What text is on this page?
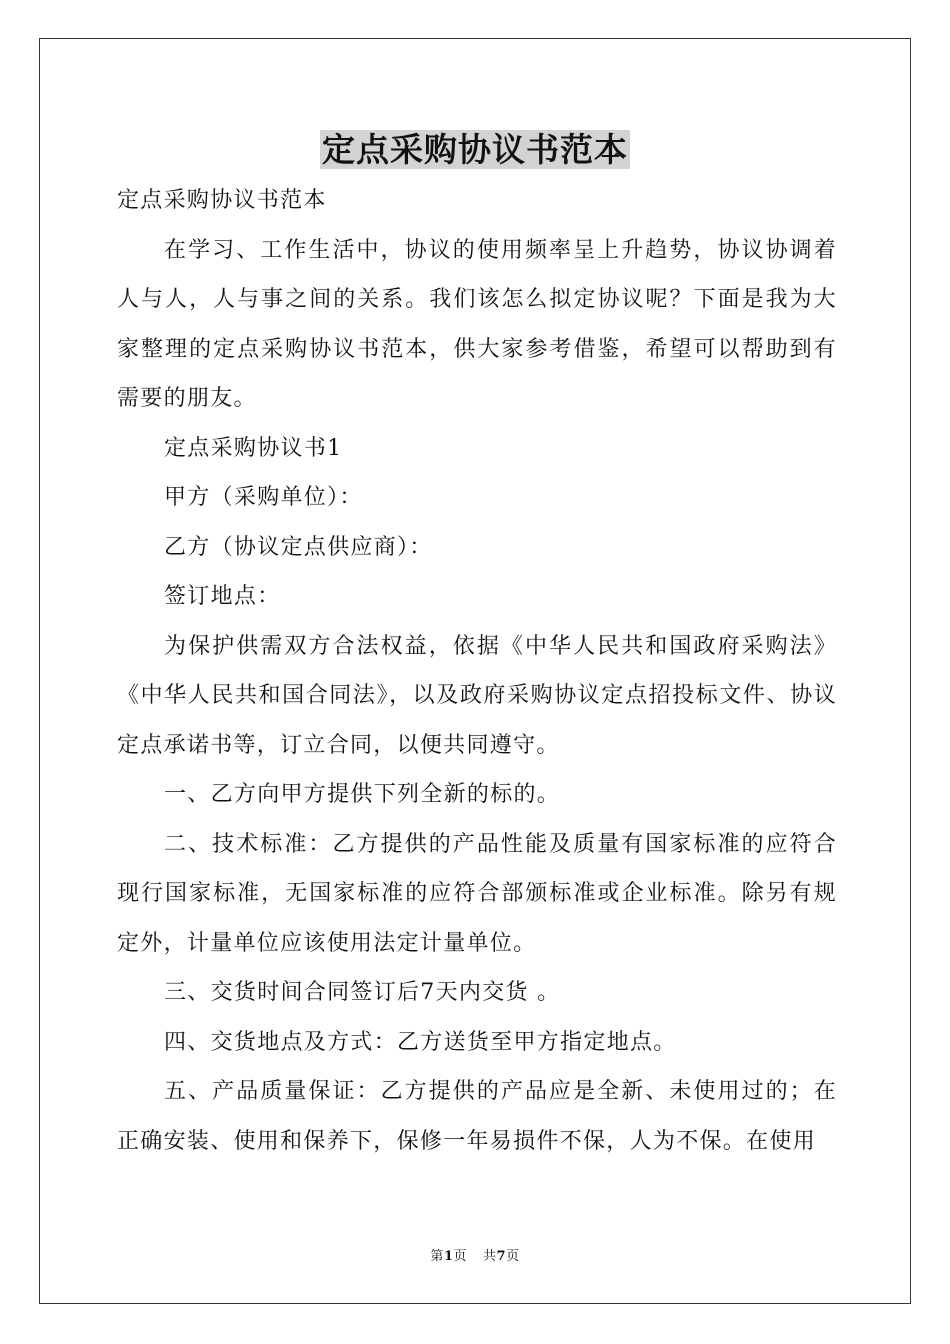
定点采购协议书范本

定点采购协议书范本

在学习、工作生活中，协议的使用频率呈上升趋势，协议协调着人与人，人与事之间的关系。我们该怎么拟定协议呢？下面是我为大家整理的定点采购协议书范本，供大家参考借鉴，希望可以帮助到有需要的朋友。

定点采购协议书1

甲方（采购单位）：

乙方（协议定点供应商）：

签订地点：

为保护供需双方合法权益，依据《中华人民共和国政府采购法》《中华人民共和国合同法》，以及政府采购协议定点招投标文件、协议定点承诺书等，订立合同，以便共同遵守。

一、乙方向甲方提供下列全新的标的。

二、技术标准：乙方提供的产品性能及质量有国家标准的应符合现行国家标准，无国家标准的应符合部颁标准或企业标准。除另有规定外，计量单位应该使用法定计量单位。

三、交货时间合同签订后7天内交货 。

四、交货地点及方式：乙方送货至甲方指定地点。

五、产品质量保证：乙方提供的产品应是全新、未使用过的；在正确安装、使用和保养下，保修一年易损件不保，人为不保。在使用

第1页 共7页
